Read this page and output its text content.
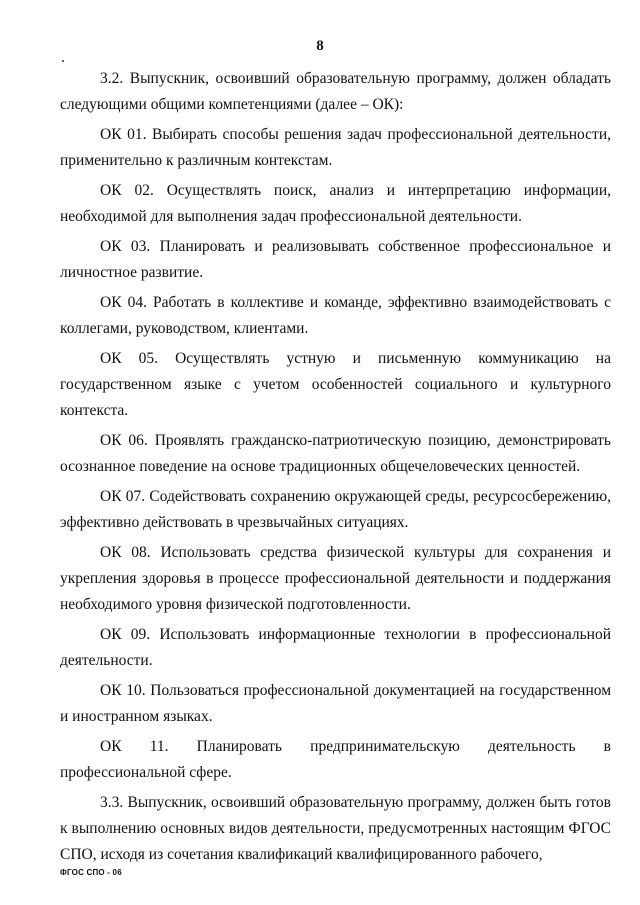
8

3.2. Выпускник, освоивший образовательную программу, должен обладать следующими общими компетенциями (далее – ОК):

ОК 01. Выбирать способы решения задач профессиональной деятельности, применительно к различным контекстам.

ОК 02. Осуществлять поиск, анализ и интерпретацию информации, необходимой для выполнения задач профессиональной деятельности.

ОК 03. Планировать и реализовывать собственное профессиональное и личностное развитие.

ОК 04. Работать в коллективе и команде, эффективно взаимодействовать с коллегами, руководством, клиентами.

ОК 05. Осуществлять устную и письменную коммуникацию на государственном языке с учетом особенностей социального и культурного контекста.

ОК 06. Проявлять гражданско-патриотическую позицию, демонстрировать осознанное поведение на основе традиционных общечеловеческих ценностей.

ОК 07. Содействовать сохранению окружающей среды, ресурсосбережению, эффективно действовать в чрезвычайных ситуациях.

ОК 08. Использовать средства физической культуры для сохранения и укрепления здоровья в процессе профессиональной деятельности и поддержания необходимого уровня физической подготовленности.

ОК 09. Использовать информационные технологии в профессиональной деятельности.

ОК 10. Пользоваться профессиональной документацией на государственном и иностранном языках.

ОК 11. Планировать предпринимательскую деятельность в профессиональной сфере.

3.3. Выпускник, освоивший образовательную программу, должен быть готов к выполнению основных видов деятельности, предусмотренных настоящим ФГОС СПО, исходя из сочетания квалификаций квалифицированного рабочего,

ФГОС СПО - 06
